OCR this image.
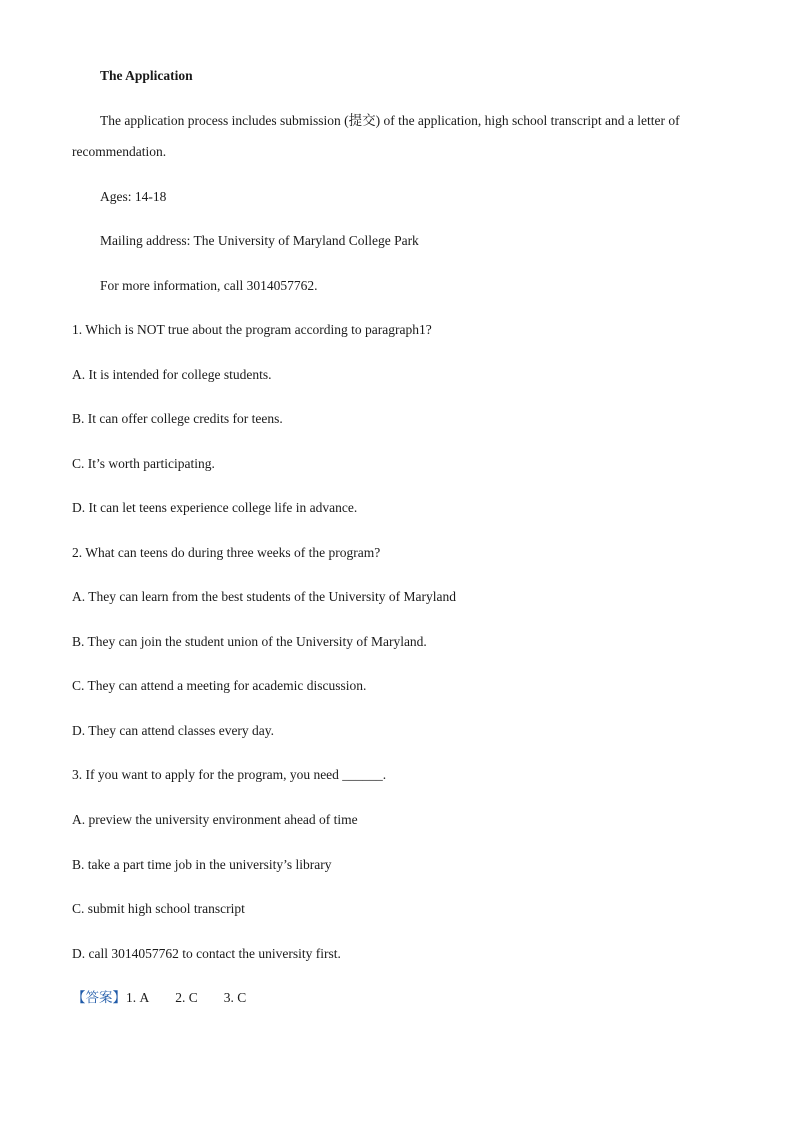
The Application
The application process includes submission (提交) of the application, high school transcript and a letter of
recommendation.
Ages: 14-18
Mailing address: The University of Maryland College Park
For more information, call 3014057762.
1. Which is NOT true about the program according to paragraph1?
A. It is intended for college students.
B. It can offer college credits for teens.
C. It’s worth participating.
D. It can let teens experience college life in advance.
2. What can teens do during three weeks of the program?
A. They can learn from the best students of the University of Maryland
B. They can join the student union of the University of Maryland.
C. They can attend a meeting for academic discussion.
D. They can attend classes every day.
3. If you want to apply for the program, you need ______.
A. preview the university environment ahead of time
B. take a part time job in the university’s library
C. submit high school transcript
D. call 3014057762 to contact the university first.
【答案】1. A 2. C 3. C
